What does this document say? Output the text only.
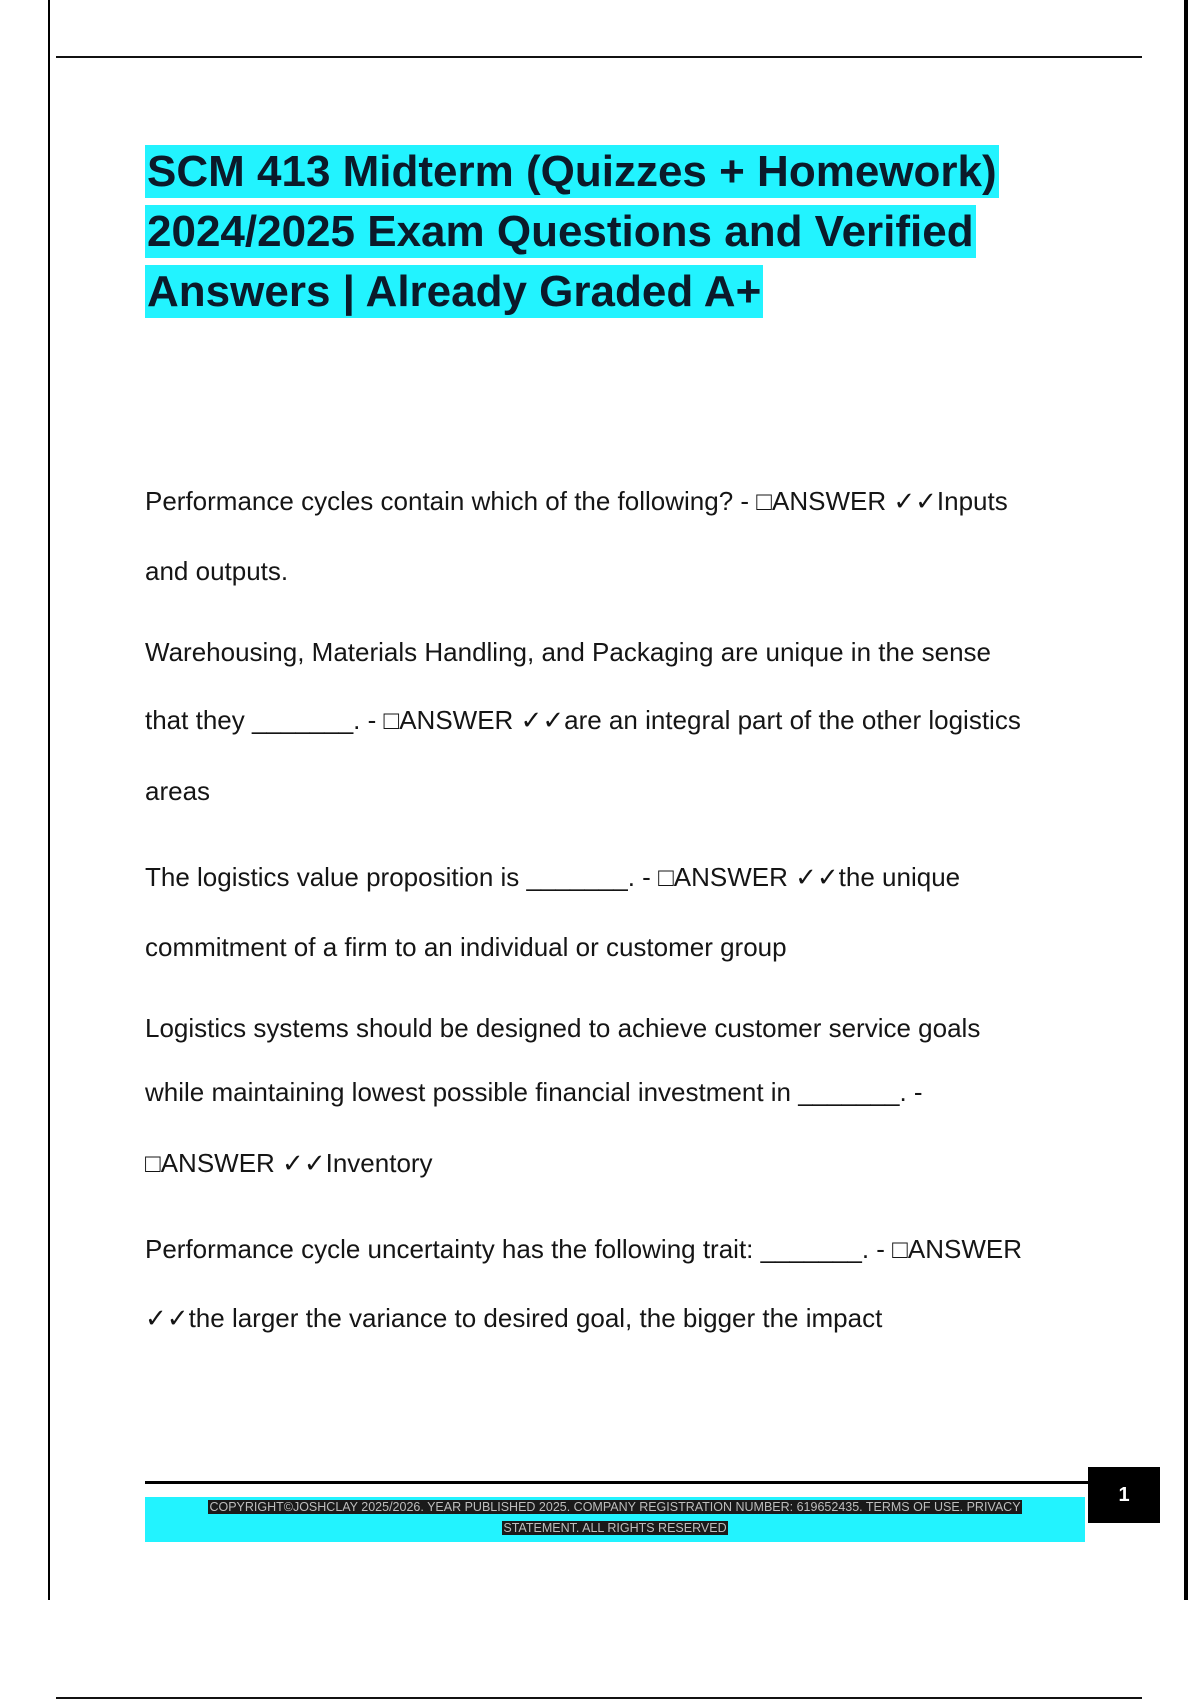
SCM 413 Midterm (Quizzes + Homework)
2024/2025 Exam Questions and Verified
Answers | Already Graded A+
Performance cycles contain which of the following? - □ANSWER ✓✓Inputs
and outputs.
Warehousing, Materials Handling, and Packaging are unique in the sense
that they _______. - □ANSWER ✓✓are an integral part of the other logistics
areas
The logistics value proposition is _______. - □ANSWER ✓✓the unique
commitment of a firm to an individual or customer group
Logistics systems should be designed to achieve customer service goals
while maintaining lowest possible financial investment in _______. -
□ANSWER ✓✓Inventory
Performance cycle uncertainty has the following trait: _______. - □ANSWER
✓✓the larger the variance to desired goal, the bigger the impact
COPYRIGHT©JOSHCLAY 2025/2026. YEAR PUBLISHED 2025. COMPANY REGISTRATION NUMBER: 619652435. TERMS OF USE. PRIVACY
STATEMENT. ALL RIGHTS RESERVED
1
